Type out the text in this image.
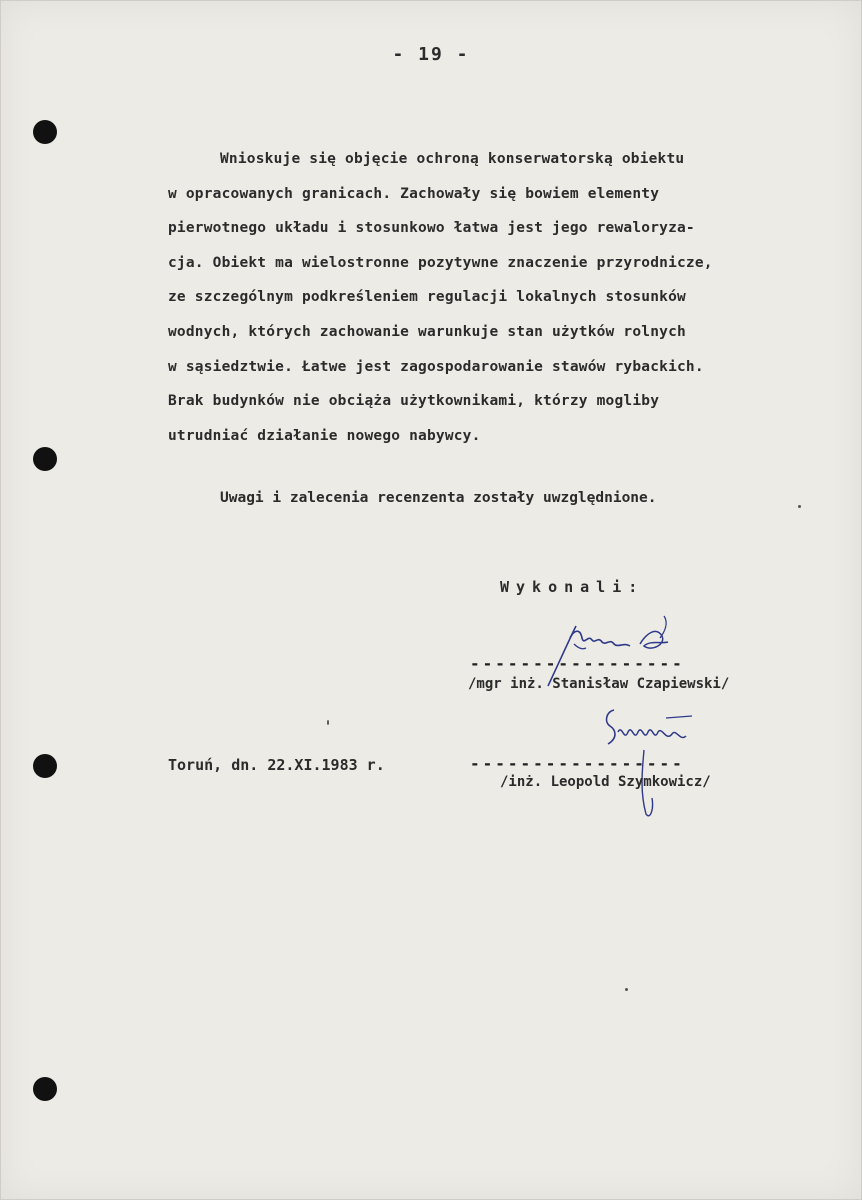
- 19 -
Wnioskuje się objęcie ochroną konserwatorską obiektu
w opracowanych granicach. Zachowały się bowiem elementy
pierwotnego układu i stosunkowo łatwa jest jego rewaloryza-
cja. Obiekt ma wielostronne pozytywne znaczenie przyrodnicze,
ze szczególnym podkreśleniem regulacji lokalnych stosunków
wodnych, których zachowanie warunkuje stan użytków rolnych
w sąsiedztwie. Łatwe jest zagospodarowanie stawów rybackich.
Brak budynków nie obciąża użytkownikami, którzy mogliby
utrudniać działanie nowego nabywcy.
Uwagi i zalecenia recenzenta zostały uwzględnione.
Wykonali:
-----------------
/mgr inż. Stanisław Czapiewski/
Toruń, dn. 22.XI.1983 r.	-----------------
/inż. Leopold Szymkowicz/
